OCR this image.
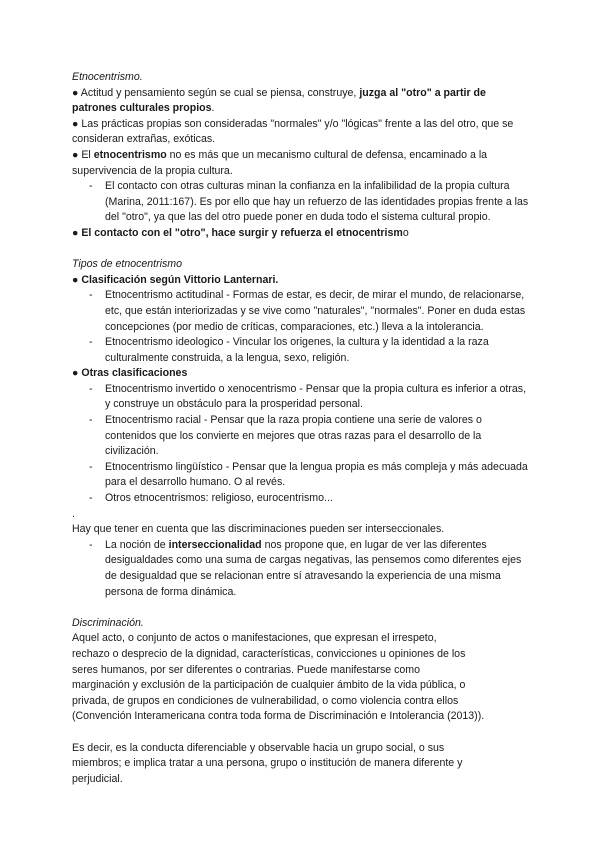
Etnocentrismo.

● Actitud y pensamiento según se cual se piensa, construye, juzga al "otro" a partir de patrones culturales propios.

● Las prácticas propias son consideradas "normales" y/o "lógicas" frente a las del otro, que se consideran extrañas, exóticas.

● El etnocentrismo no es más que un mecanismo cultural de defensa, encaminado a la supervivencia de la propia cultura.

- El contacto con otras culturas minan la confianza en la infalibilidad de la propia cultura (Marina, 2011:167). Es por ello que hay un refuerzo de las identidades propias frente a las del "otro", ya que las del otro puede poner en duda todo el sistema cultural propio.

● El contacto con el "otro", hace surgir y refuerza el etnocentrismo

Tipos de etnocentrismo

● Clasificación según Vittorio Lanternari.

- Etnocentrismo actitudinal - Formas de estar, es decir, de mirar el mundo, de relacionarse, etc, que están interiorizadas y se vive como "naturales", "normales". Poner en duda estas concepciones (por medio de críticas, comparaciones, etc.) lleva a la intolerancia.

- Etnocentrismo ideologico - Vincular los origenes, la cultura y la identidad a la raza culturalmente construida, a la lengua, sexo, religión.

● Otras clasificaciones

- Etnocentrismo invertido o xenocentrismo - Pensar que la propia cultura es inferior a otras, y construye un obstáculo para la prosperidad personal.

- Etnocentrismo racial - Pensar que la raza propia contiene una serie de valores o contenidos que los convierte en mejores que otras razas para el desarrollo de la civilización.

- Etnocentrismo lingüístico - Pensar que la lengua propia es más compleja y más adecuada para el desarrollo humano. O al revés.

- Otros etnocentrismos: religioso, eurocentrismo...

.

Hay que tener en cuenta que las discriminaciones pueden ser interseccionales.

- La noción de interseccionalidad nos propone que, en lugar de ver las diferentes desigualdades como una suma de cargas negativas, las pensemos como diferentes ejes de desigualdad que se relacionan entre sí atravesando la experiencia de una misma persona de forma dinámica.

Discriminación.

Aquel acto, o conjunto de actos o manifestaciones, que expresan el irrespeto,

rechazo o desprecio de la dignidad, características, convicciones u opiniones de los

seres humanos, por ser diferentes o contrarias. Puede manifestarse como

marginación y exclusión de la participación de cualquier ámbito de la vida pública, o

privada, de grupos en condiciones de vulnerabilidad, o como violencia contra ellos

(Convención Interamericana contra toda forma de Discriminación e Intolerancia (2013)).

Es decir, es la conducta diferenciable y observable hacia un grupo social, o sus

miembros; e implica tratar a una persona, grupo o institución de manera diferente y

perjudicial.
